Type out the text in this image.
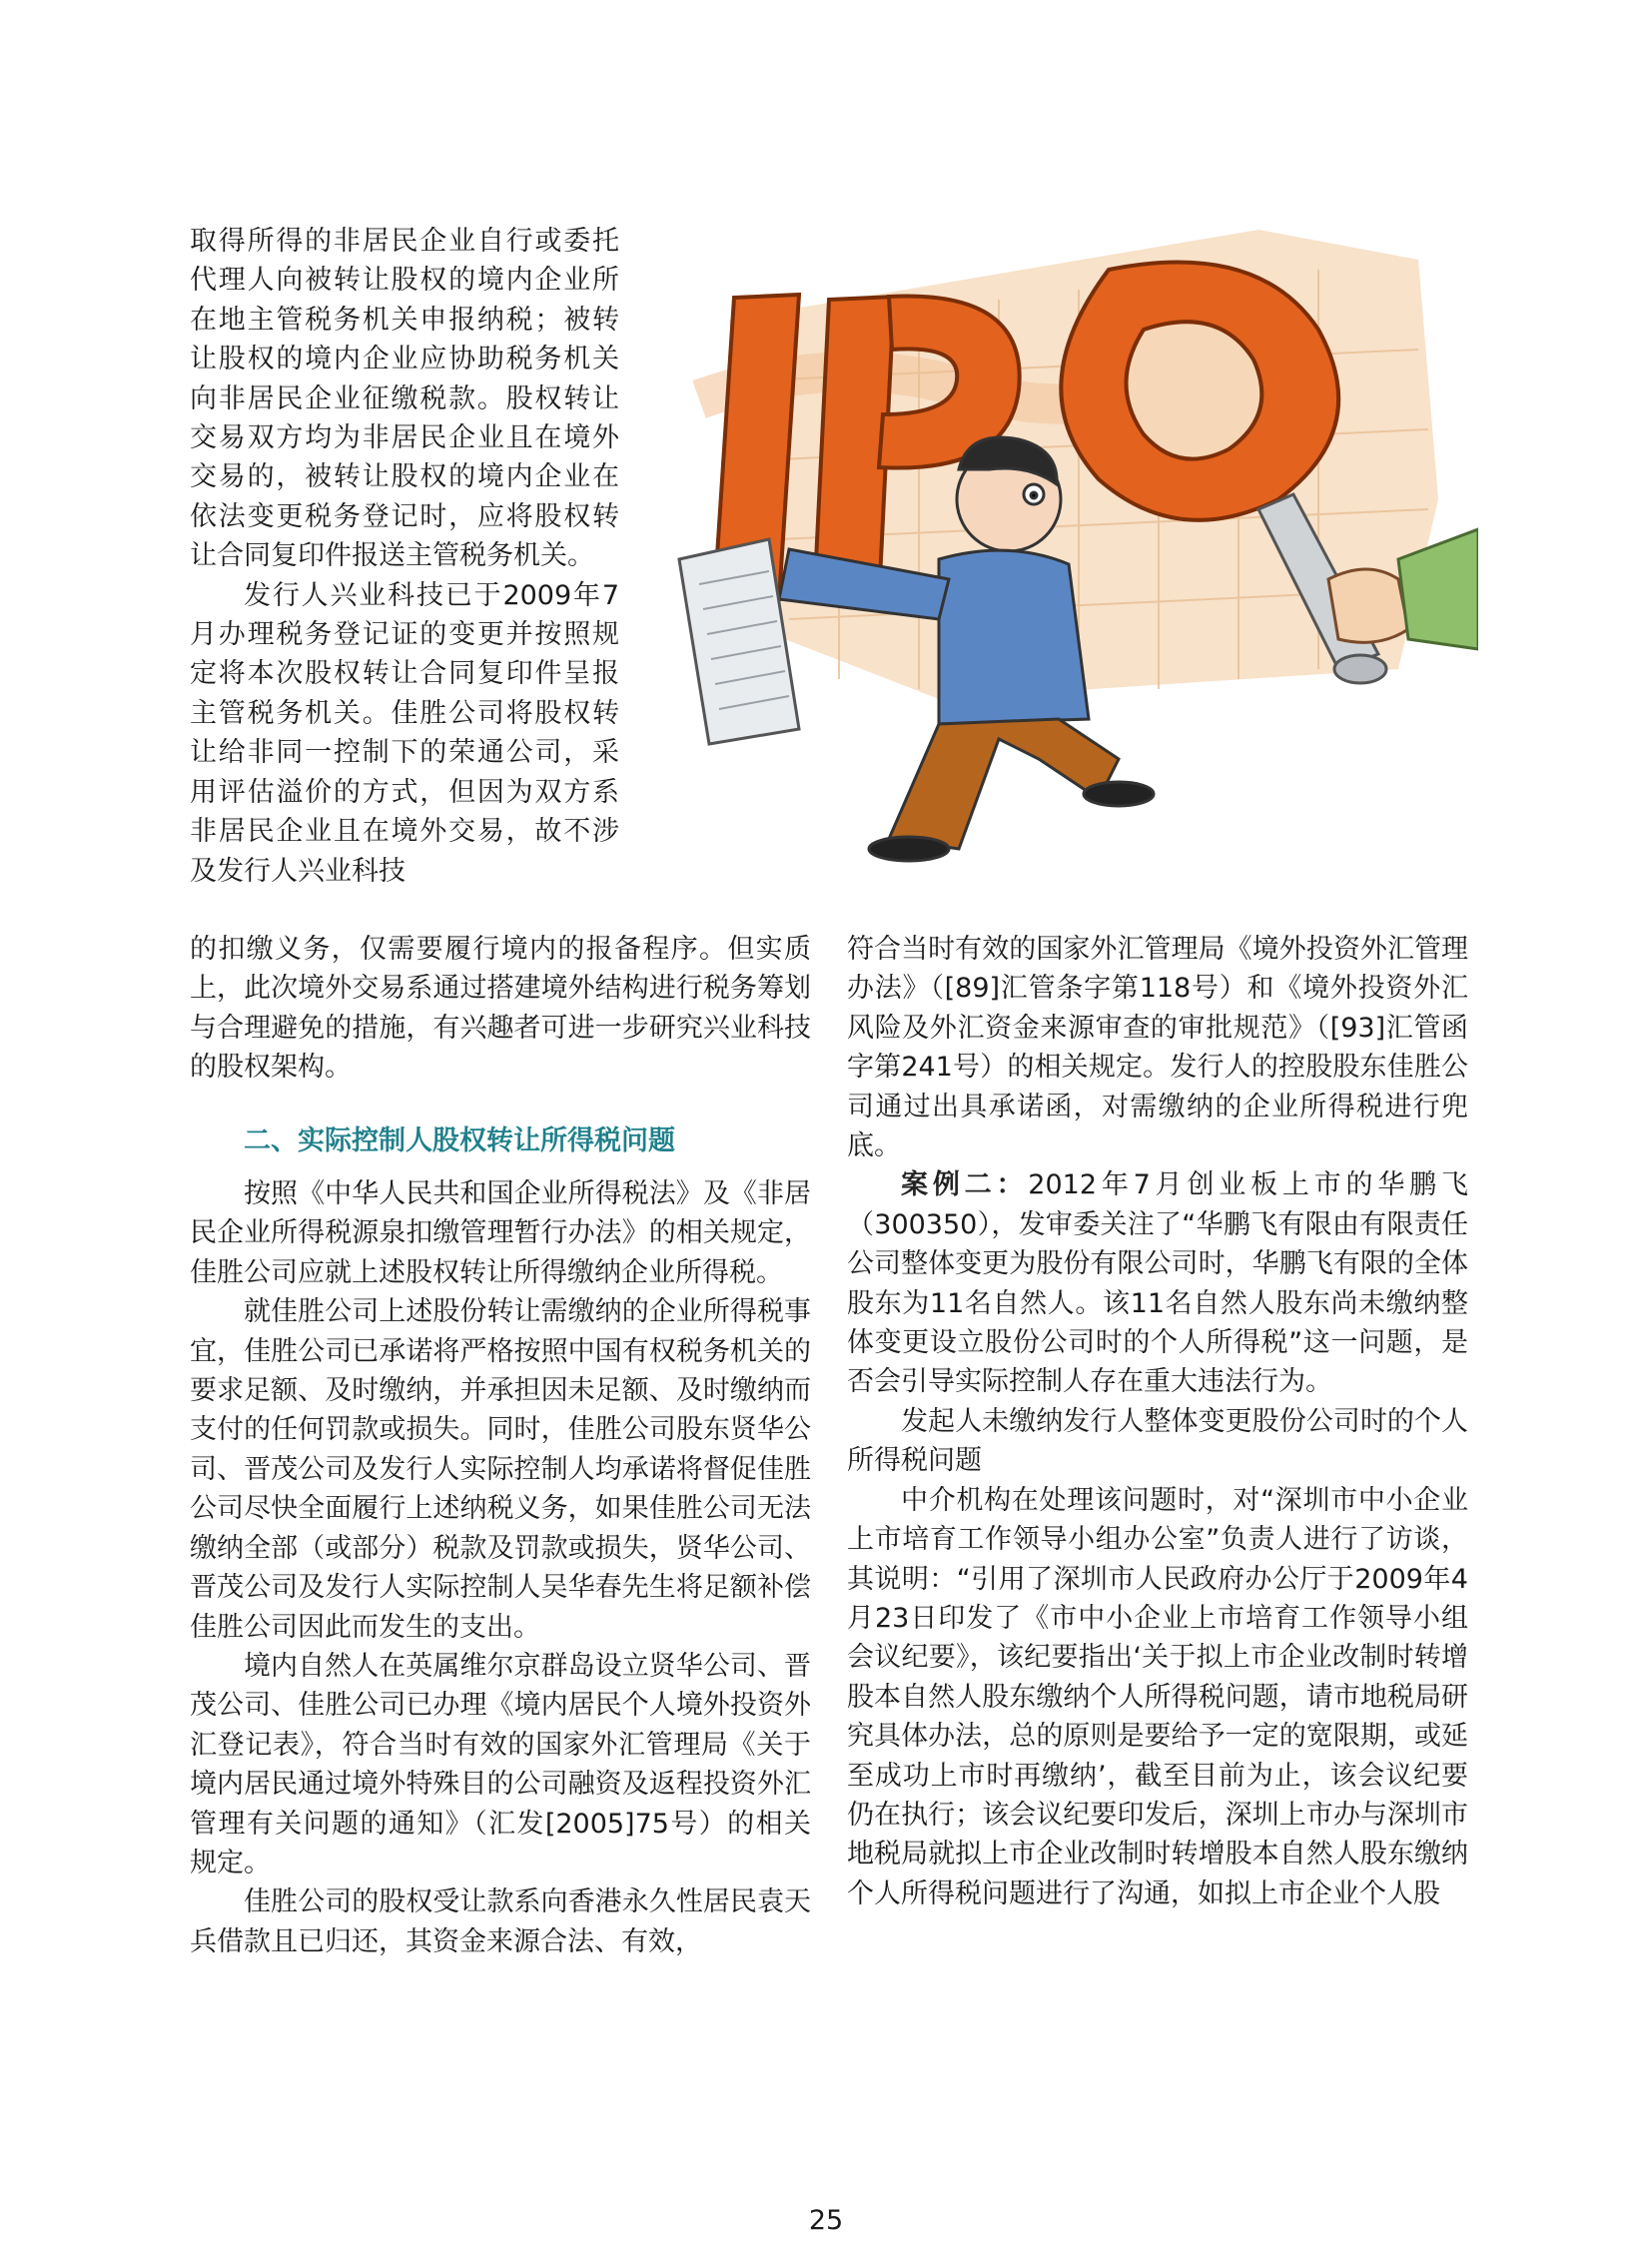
取得所得的非居民企业自行或委托代理人向被转让股权的境内企业所在地主管税务机关申报纳税；被转让股权的境内企业应协助税务机关向非居民企业征缴税款。股权转让交易双方均为非居民企业且在境外交易的，被转让股权的境内企业在依法变更税务登记时，应将股权转让合同复印件报送主管税务机关。

发行人兴业科技已于2009年7月办理税务登记证的变更并按照规定将本次股权转让合同复印件呈报主管税务机关。佳胜公司将股权转让给非同一控制下的荣通公司，采用评估溢价的方式，但因为双方系非居民企业且在境外交易，故不涉及发行人兴业科技

的扣缴义务，仅需要履行境内的报备程序。但实质上，此次境外交易系通过搭建境外结构进行税务筹划与合理避免的措施，有兴趣者可进一步研究兴业科技的股权架构。

二、实际控制人股权转让所得税问题

按照《中华人民共和国企业所得税法》及《非居民企业所得税源泉扣缴管理暂行办法》的相关规定，佳胜公司应就上述股权转让所得缴纳企业所得税。

就佳胜公司上述股份转让需缴纳的企业所得税事宜，佳胜公司已承诺将严格按照中国有权税务机关的要求足额、及时缴纳，并承担因未足额、及时缴纳而支付的任何罚款或损失。同时，佳胜公司股东贤华公司、晋茂公司及发行人实际控制人均承诺将督促佳胜公司尽快全面履行上述纳税义务，如果佳胜公司无法缴纳全部（或部分）税款及罚款或损失，贤华公司、晋茂公司及发行人实际控制人吴华春先生将足额补偿佳胜公司因此而发生的支出。

境内自然人在英属维尔京群岛设立贤华公司、晋茂公司、佳胜公司已办理《境内居民个人境外投资外汇登记表》，符合当时有效的国家外汇管理局《关于境内居民通过境外特殊目的公司融资及返程投资外汇管理有关问题的通知》（汇发[2005]75号）的相关规定。

佳胜公司的股权受让款系向香港永久性居民袁天兵借款且已归还，其资金来源合法、有效，

符合当时有效的国家外汇管理局《境外投资外汇管理办法》（[89]汇管条字第118号）和《境外投资外汇风险及外汇资金来源审查的审批规范》（[93]汇管函字第241号）的相关规定。发行人的控股股东佳胜公司通过出具承诺函，对需缴纳的企业所得税进行兜底。

案例二：2012年7月创业板上市的华鹏飞（300350），发审委关注了“华鹏飞有限由有限责任公司整体变更为股份有限公司时，华鹏飞有限的全体股东为11名自然人。该11名自然人股东尚未缴纳整体变更设立股份公司时的个人所得税”这一问题，是否会引导实际控制人存在重大违法行为。

发起人未缴纳发行人整体变更股份公司时的个人所得税问题

中介机构在处理该问题时，对“深圳市中小企业上市培育工作领导小组办公室”负责人进行了访谈，其说明：“引用了深圳市人民政府办公厅于2009年4月23日印发了《市中小企业上市培育工作领导小组会议纪要》，该纪要指出‘关于拟上市企业改制时转增股本自然人股东缴纳个人所得税问题，请市地税局研究具体办法，总的原则是要给予一定的宽限期，或延至成功上市时再缴纳’，截至目前为止，该会议纪要仍在执行；该会议纪要印发后，深圳上市办与深圳市地税局就拟上市企业改制时转增股本自然人股东缴纳个人所得税问题进行了沟通，如拟上市企业个人股

25
